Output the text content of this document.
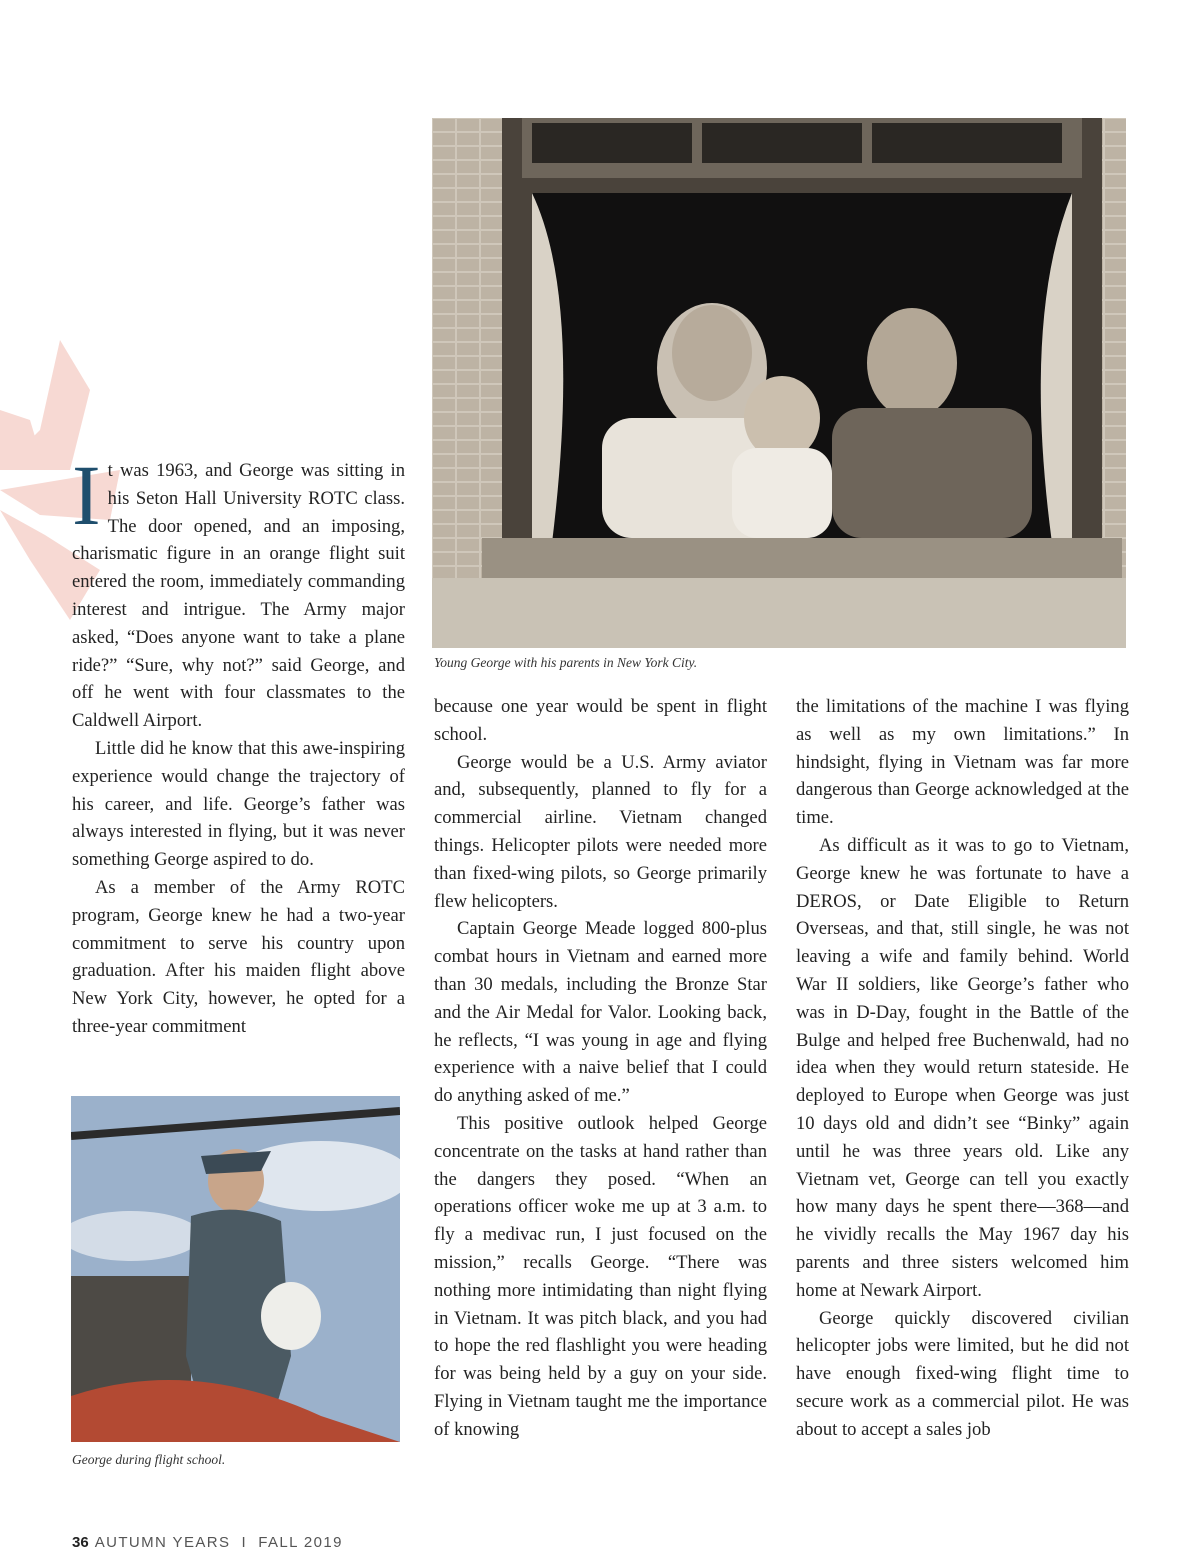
Young George with his parents in New York City.

It was 1963, and George was sitting in his Seton Hall University ROTC class. The door opened, and an imposing, charismatic figure in an orange flight suit entered the room, immediately commanding interest and intrigue. The Army major asked, “Does anyone want to take a plane ride?” “Sure, why not?” said George, and off he went with four classmates to the Caldwell Airport.

Little did he know that this awe-inspiring experience would change the trajectory of his career, and life. George’s father was always interested in flying, but it was never something George aspired to do.

As a member of the Army ROTC program, George knew he had a two-year commitment to serve his country upon graduation. After his maiden flight above New York City, however, he opted for a three-year commitment

because one year would be spent in flight school.

George would be a U.S. Army aviator and, subsequently, planned to fly for a commercial airline. Vietnam changed things. Helicopter pilots were needed more than fixed-wing pilots, so George primarily flew helicopters.

Captain George Meade logged 800-plus combat hours in Vietnam and earned more than 30 medals, including the Bronze Star and the Air Medal for Valor. Looking back, he reflects, “I was young in age and flying experience with a naive belief that I could do anything asked of me.”

This positive outlook helped George concentrate on the tasks at hand rather than the dangers they posed. “When an operations officer woke me up at 3 a.m. to fly a medivac run, I just focused on the mission,” recalls George. “There was nothing more intimidating than night flying in Vietnam. It was pitch black, and you had to hope the red flashlight you were heading for was being held by a guy on your side. Flying in Vietnam taught me the importance of knowing

the limitations of the machine I was flying as well as my own limitations.” In hindsight, flying in Vietnam was far more dangerous than George acknowledged at the time.

As difficult as it was to go to Vietnam, George knew he was fortunate to have a DEROS, or Date Eligible to Return Overseas, and that, still single, he was not leaving a wife and family behind. World War II soldiers, like George’s father who was in D-Day, fought in the Battle of the Bulge and helped free Buchenwald, had no idea when they would return stateside. He deployed to Europe when George was just 10 days old and didn’t see “Binky” again until he was three years old. Like any Vietnam vet, George can tell you exactly how many days he spent there—368—and he vividly recalls the May 1967 day his parents and three sisters welcomed him home at Newark Airport.

George quickly discovered civilian helicopter jobs were limited, but he did not have enough fixed-wing flight time to secure work as a commercial pilot. He was about to accept a sales job

George during flight school.
36 AUTUMN YEARS  I  FALL 2019
